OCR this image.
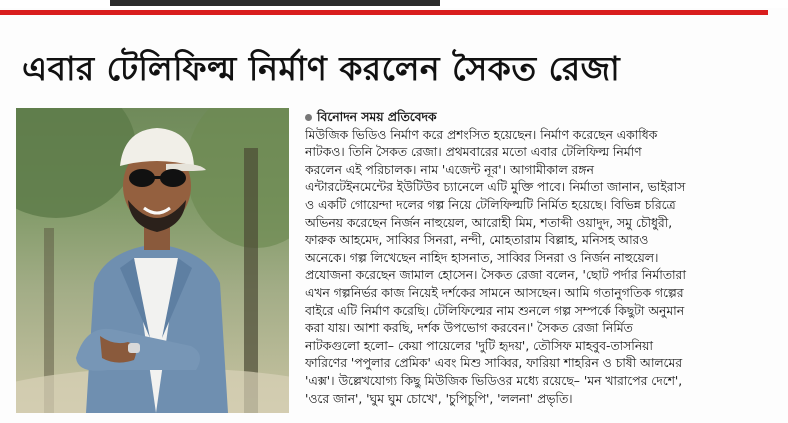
এবার টেলিফিল্ম নির্মাণ করলেন সৈকত রেজা
বিনোদন সময় প্রতিবেদক
মিউজিক ভিডিও নির্মাণ করে প্রশংসিত হয়েছেন। নির্মাণ করেছেন একাধিক
নাটকও। তিনি সৈকত রেজা। প্রথমবারের মতো এবার টেলিফিল্ম নির্মাণ
করলেন এই পরিচালক। নাম 'এজেন্ট নূর'। আগামীকাল রঙ্গন
এন্টারটেইনমেন্টের ইউটিউব চ্যানেলে এটি মুক্তি পাবে। নির্মাতা জানান, ভাইরাস
ও একটি গোয়েন্দা দলের গল্প নিয়ে টেলিফিল্মটি নির্মিত হয়েছে। বিভিন্ন চরিত্রে
অভিনয় করেছেন নির্জন নাহুয়েল, আরোহী মিম, শতাব্দী ওয়াদুদ, সমু চৌধুরী,
ফারুক আহমেদ, সাব্বির সিনরা, নন্দী, মোহতারাম বিল্লাহ, মনিসহ আরও
অনেকে। গল্প লিখেছেন নাহিদ হাসনাত, সাব্বির সিনরা ও নির্জন নাহুয়েল।
প্রযোজনা করেছেন জামাল হোসেন। সৈকত রেজা বলেন, 'ছোট পর্দার নির্মাতারা
এখন গল্পনির্ভর কাজ নিয়েই দর্শকের সামনে আসছেন। আমি গতানুগতিক গল্পের
বাইরে এটি নির্মাণ করেছি। টেলিফিল্মের নাম শুনলে গল্প সম্পর্কে কিছুটা অনুমান
করা যায়। আশা করছি, দর্শক উপভোগ করবেন।' সৈকত রেজা নির্মিত
নাটকগুলো হলো– কেয়া পায়েলের 'দুটি হৃদয়', তৌসিফ মাহবুব-তাসনিয়া
ফারিণের 'পপুলার প্রেমিক' এবং মিশু সাব্বির, ফারিয়া শাহরিন ও চাষী আলমের
'এক্স'। উল্লেখযোগ্য কিছু মিউজিক ভিডিওর মধ্যে রয়েছে– 'মন খারাপের দেশে',
'ওরে জান', 'ঘুম ঘুম চোখে', 'চুপিচুপি', 'ললনা' প্রভৃতি।
